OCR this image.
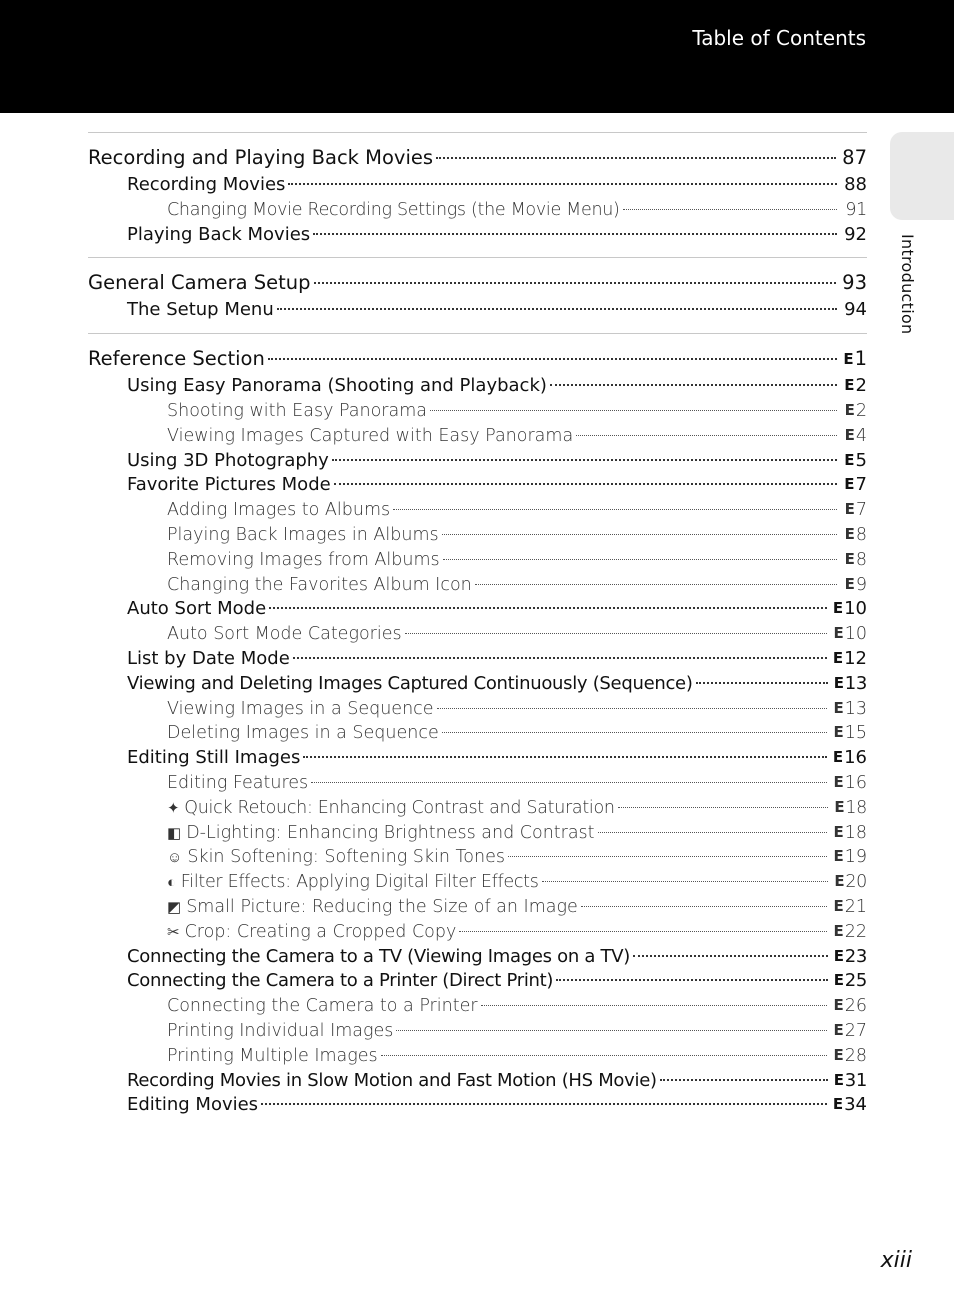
Table of Contents
Introduction
Recording and Playing Back Movies	87
Recording Movies	88
Changing Movie Recording Settings (the Movie Menu)	91
Playing Back Movies	92
General Camera Setup	93
The Setup Menu	94
Reference Section	E1
Using Easy Panorama (Shooting and Playback)	E2
Shooting with Easy Panorama	E2
Viewing Images Captured with Easy Panorama	E4
Using 3D Photography	E5
Favorite Pictures Mode	E7
Adding Images to Albums	E7
Playing Back Images in Albums	E8
Removing Images from Albums	E8
Changing the Favorites Album Icon	E9
Auto Sort Mode	E10
Auto Sort Mode Categories	E10
List by Date Mode	E12
Viewing and Deleting Images Captured Continuously (Sequence)	E13
Viewing Images in a Sequence	E13
Deleting Images in a Sequence	E15
Editing Still Images	E16
Editing Features	E16
✦ Quick Retouch: Enhancing Contrast and Saturation	E18
◧ D-Lighting: Enhancing Brightness and Contrast	E18
☺ Skin Softening: Softening Skin Tones	E19
◐ Filter Effects: Applying Digital Filter Effects	E20
◩ Small Picture: Reducing the Size of an Image	E21
✂ Crop: Creating a Cropped Copy	E22
Connecting the Camera to a TV (Viewing Images on a TV)	E23
Connecting the Camera to a Printer (Direct Print)	E25
Connecting the Camera to a Printer	E26
Printing Individual Images	E27
Printing Multiple Images	E28
Recording Movies in Slow Motion and Fast Motion (HS Movie)	E31
Editing Movies	E34
xiii
